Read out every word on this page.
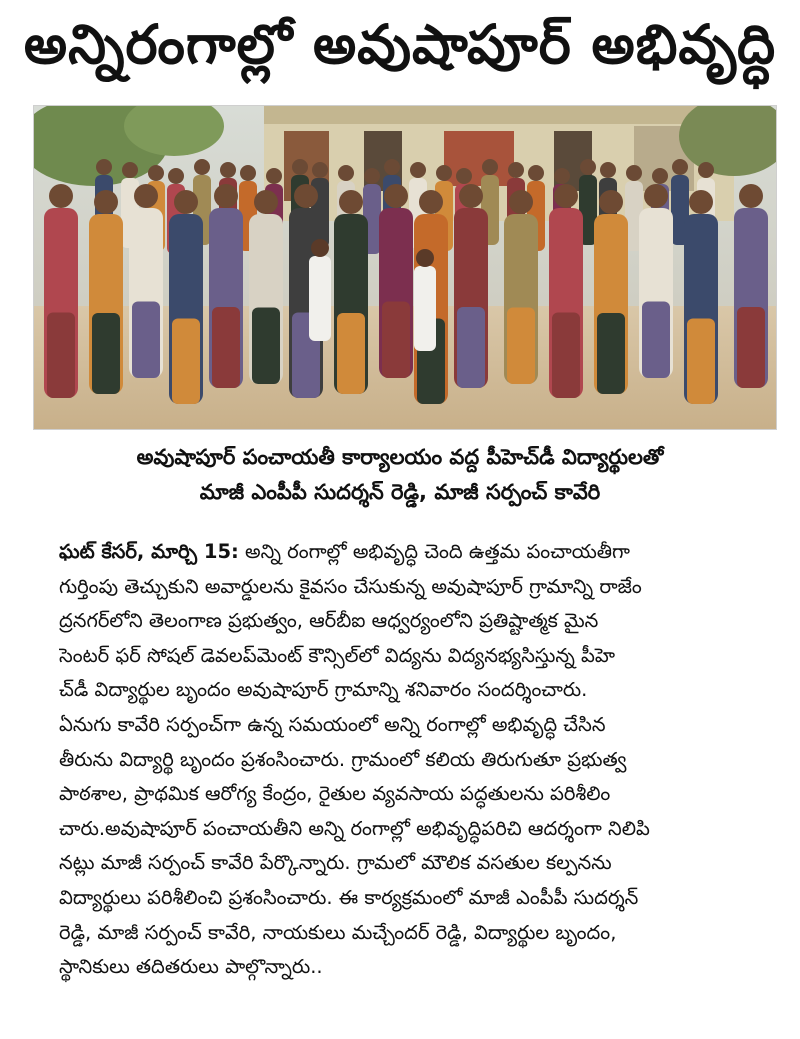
అన్నిరంగాల్లో అవుషాపూర్ అభివృద్ధి
అవుషాపూర్ పంచాయతీ కార్యాలయం వద్ద పీహెచ్‌డీ విద్యార్థులతో
మాజీ ఎంపీపీ సుదర్శన్ రెడ్డి, మాజీ సర్పంచ్ కావేరి
ఘట్ కేసర్, మార్చి 15: అన్ని రంగాల్లో అభివృద్ధి చెంది ఉత్తమ పంచాయతీగా
గుర్తింపు తెచ్చుకుని అవార్డులను కైవసం చేసుకున్న అవుషాపూర్ గ్రామాన్ని రాజేం
ద్రనగర్‌లోని తెలంగాణ ప్రభుత్వం, ఆర్‌బీఐ ఆధ్వర్యంలోని ప్రతిష్టాత్మక మైన
సెంటర్ ఫర్ సోషల్ డెవలప్‌మెంట్ కౌన్సిల్‌లో విద్యను విద్యనభ్యసిస్తున్న పీహె
చ్‌డీ విద్యార్థుల బృందం అవుషాపూర్ గ్రామాన్ని శనివారం సందర్శించారు.
ఏనుగు కావేరి సర్పంచ్‌గా ఉన్న సమయంలో అన్ని రంగాల్లో అభివృద్ధి చేసిన
తీరును విద్యార్థి బృందం ప్రశంసించారు. గ్రామంలో కలియ తిరుగుతూ ప్రభుత్వ
పాఠశాల, ప్రాథమిక ఆరోగ్య కేంద్రం, రైతుల వ్యవసాయ పద్ధతులను పరిశీలిం
చారు.అవుషాపూర్ పంచాయతీని అన్ని రంగాల్లో అభివృద్ధిపరిచి ఆదర్శంగా నిలిపి
నట్లు మాజీ సర్పంచ్ కావేరి పేర్కొన్నారు. గ్రామలో మౌలిక వసతుల కల్పనను
విద్యార్థులు పరిశీలించి ప్రశంసించారు. ఈ కార్యక్రమంలో మాజీ ఎంపీపీ సుదర్శన్
రెడ్డి, మాజీ సర్పంచ్ కావేరి, నాయకులు మచ్చేందర్ రెడ్డి, విద్యార్థుల బృందం,
స్థానికులు తదితరులు పాల్గొన్నారు..
